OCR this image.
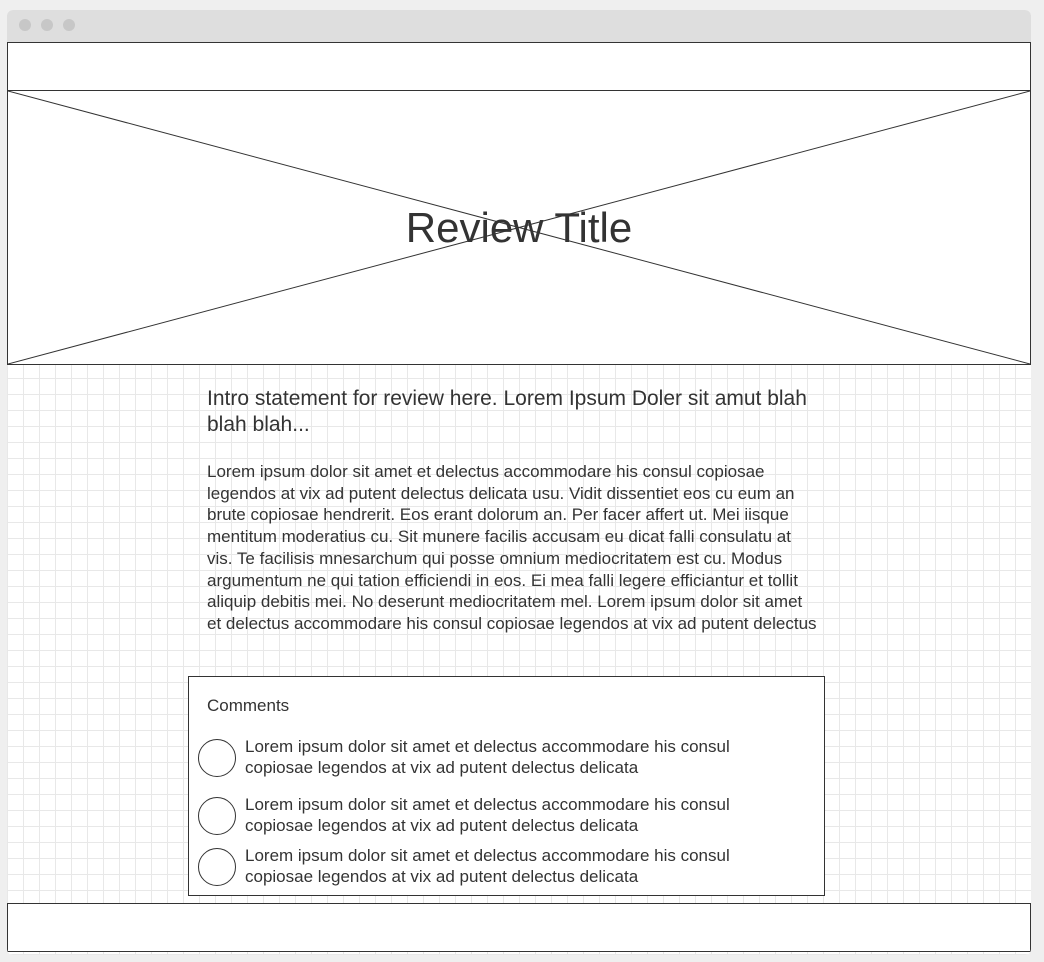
Review Title

Intro statement for review here. Lorem Ipsum Doler sit amut blah blah blah...

Lorem ipsum dolor sit amet et delectus accommodare his consul copiosae legendos at vix ad putent delectus delicata usu. Vidit dissentiet eos cu eum an brute copiosae hendrerit. Eos erant dolorum an. Per facer affert ut. Mei iisque mentitum moderatius cu. Sit munere facilis accusam eu dicat falli consulatu at vis. Te facilisis mnesarchum qui posse omnium mediocritatem est cu. Modus argumentum ne qui tation efficiendi in eos. Ei mea falli legere efficiantur et tollit aliquip debitis mei. No deserunt mediocritatem mel. Lorem ipsum dolor sit amet et delectus accommodare his consul copiosae legendos at vix ad putent delectus

Comments

Lorem ipsum dolor sit amet et delectus accommodare his consul copiosae legendos at vix ad putent delectus delicata

Lorem ipsum dolor sit amet et delectus accommodare his consul copiosae legendos at vix ad putent delectus delicata

Lorem ipsum dolor sit amet et delectus accommodare his consul copiosae legendos at vix ad putent delectus delicata
